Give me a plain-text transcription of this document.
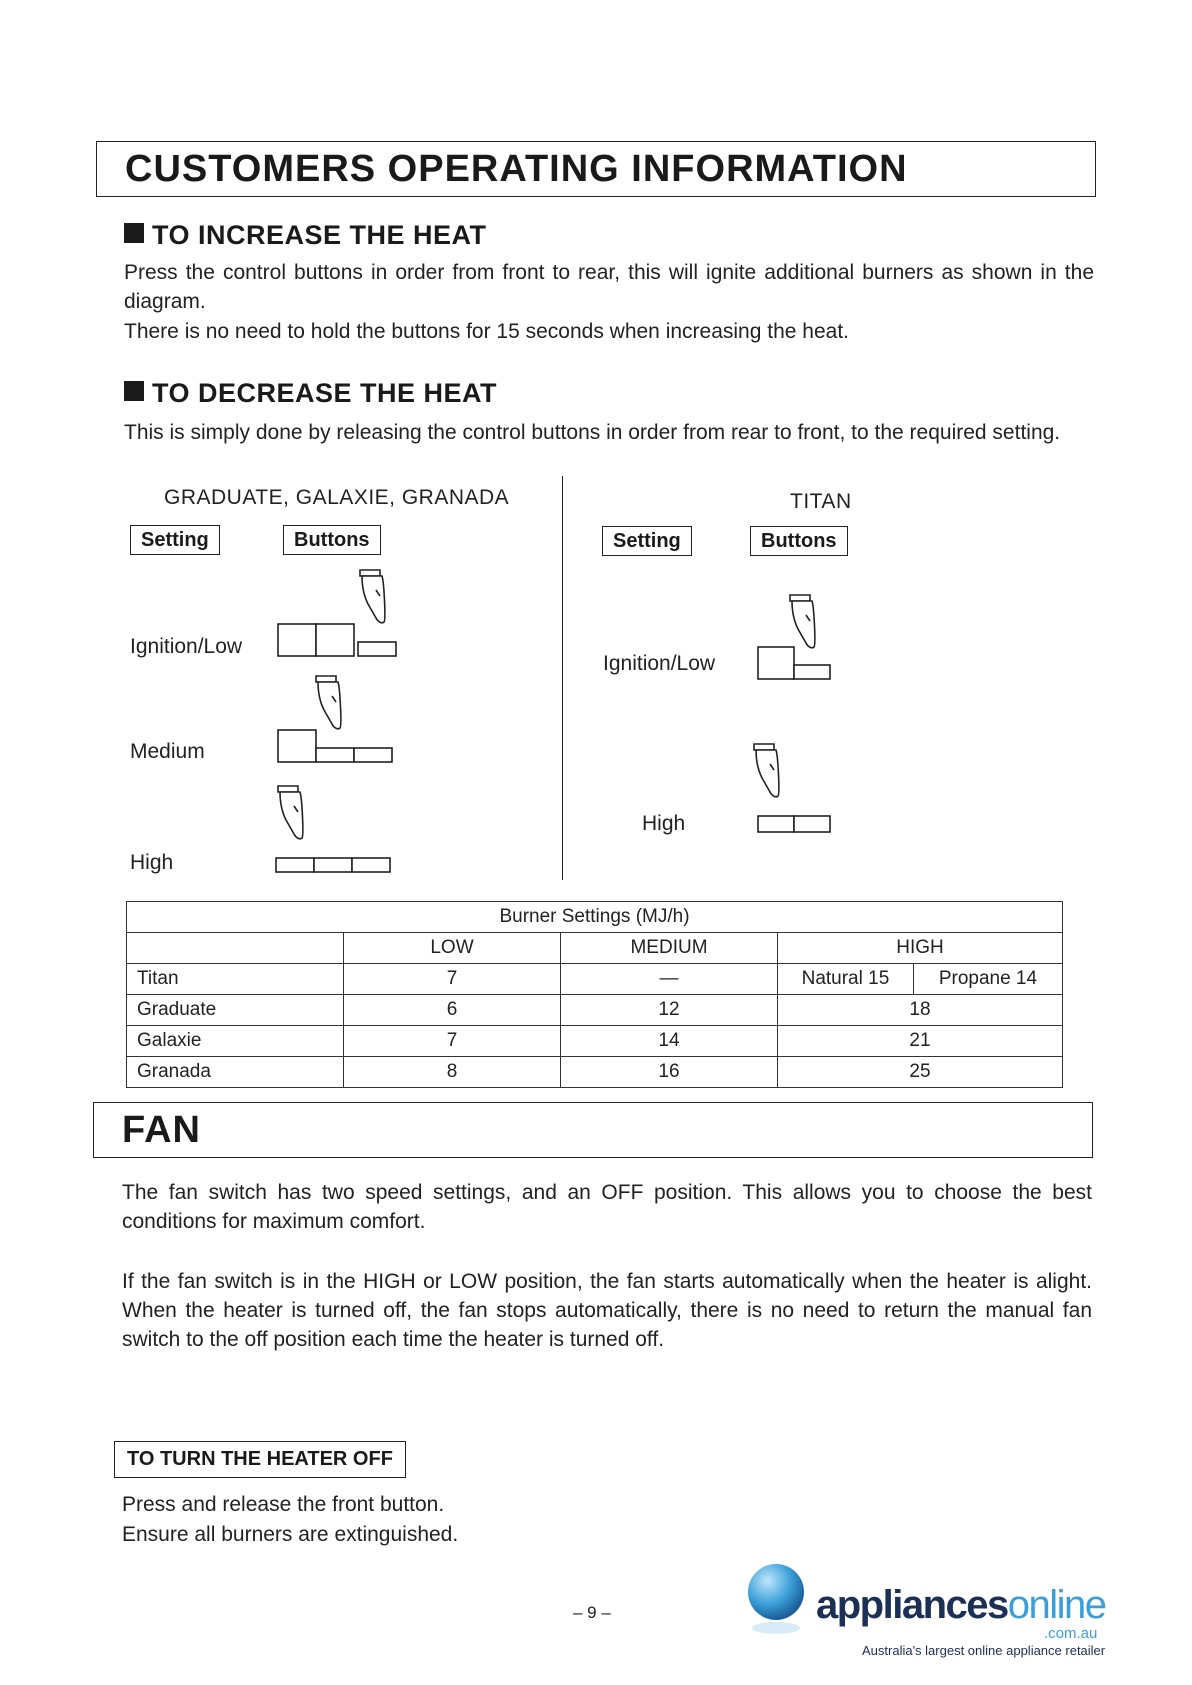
CUSTOMERS OPERATING INFORMATION
TO INCREASE THE HEAT

Press the control buttons in order from front to rear, this will ignite additional burners as shown in the diagram.

There is no need to hold the buttons for 15 seconds when increasing the heat.

TO DECREASE THE HEAT

This is simply done by releasing the control buttons in order from rear to front, to the required setting.

GRADUATE, GALAXIE, GRANADA
Setting	Buttons
Ignition/Low
Medium
High
TITAN
Setting	Buttons
Ignition/Low
High
Burner Settings (MJ/h)				
	LOW	MEDIUM	HIGH	
Titan	7	—	Natural 15	Propane 14
Graduate	6	12	18	
Galaxie	7	14	21	
Granada	8	16	25	
FAN

The fan switch has two speed settings, and an OFF position. This allows you to choose the best conditions for maximum comfort.

If the fan switch is in the HIGH or LOW position, the fan starts automatically when the heater is alight. When the heater is turned off, the fan stops automatically, there is no need to return the manual fan switch to the off position each time the heater is turned off.

TO TURN THE HEATER OFF

Press and release the front button.

Ensure all burners are extinguished.

– 9 –	appliancesonline
.com.au
Australia's largest online appliance retailer
